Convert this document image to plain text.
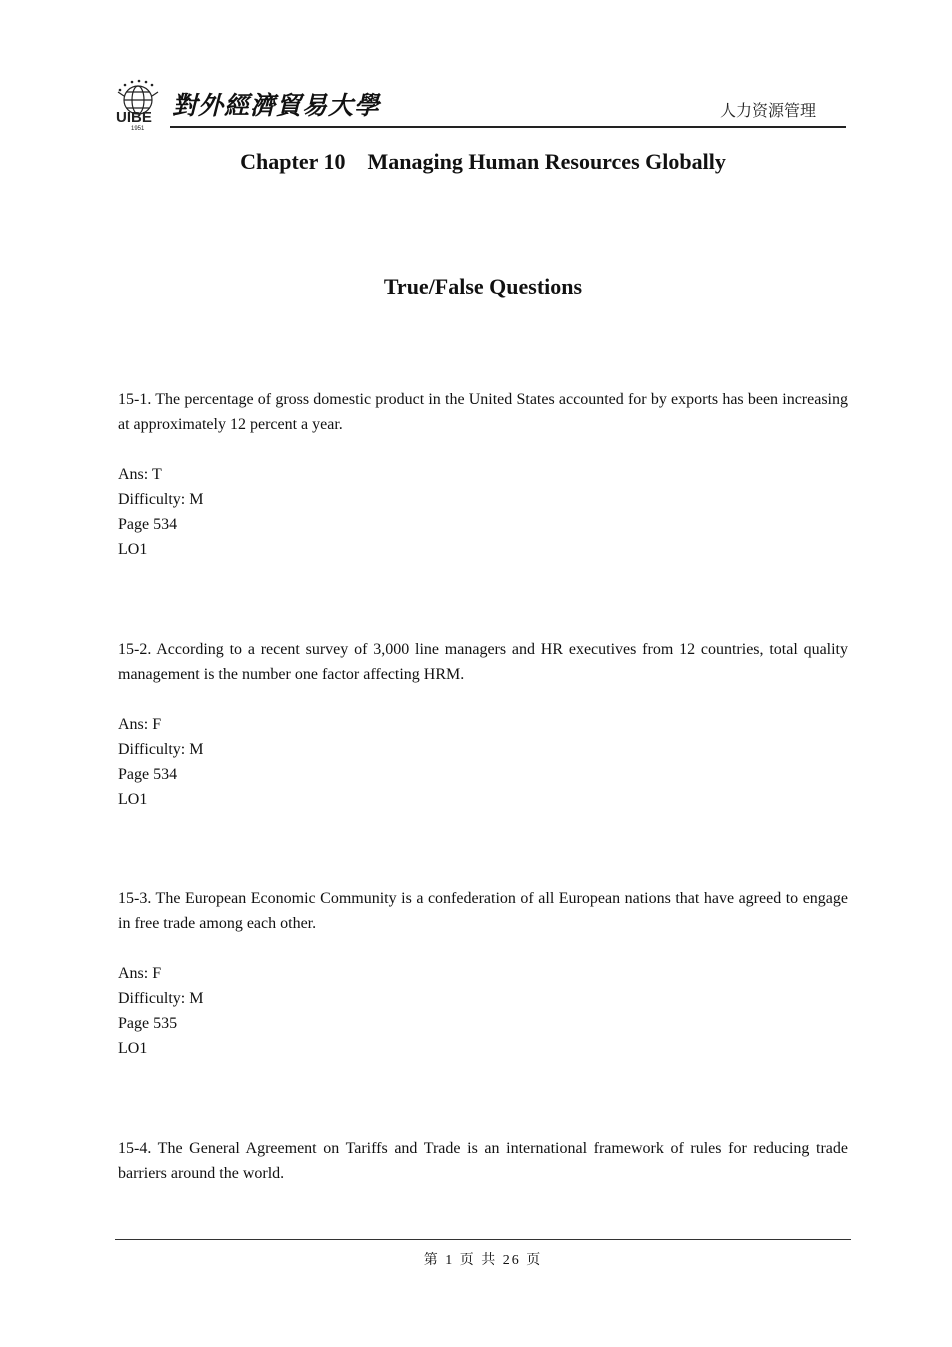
UIBE
1951
對外經濟貿易大學	人力资源管理
Chapter 10    Managing Human Resources Globally
True/False Questions

15-1. The percentage of gross domestic product in the United States accounted for by exports has been increasing at approximately 12 percent a year.

Ans: T
Difficulty: M
Page 534
LO1

15-2. According to a recent survey of 3,000 line managers and HR executives from 12 countries, total quality management is the number one factor affecting HRM.

Ans: F
Difficulty: M
Page 534
LO1

15-3. The European Economic Community is a confederation of all European nations that have agreed to engage in free trade among each other.

Ans: F
Difficulty: M
Page 535
LO1

15-4. The General Agreement on Tariffs and Trade is an international framework of rules for reducing trade barriers around the world.

第 1 页 共 26 页
